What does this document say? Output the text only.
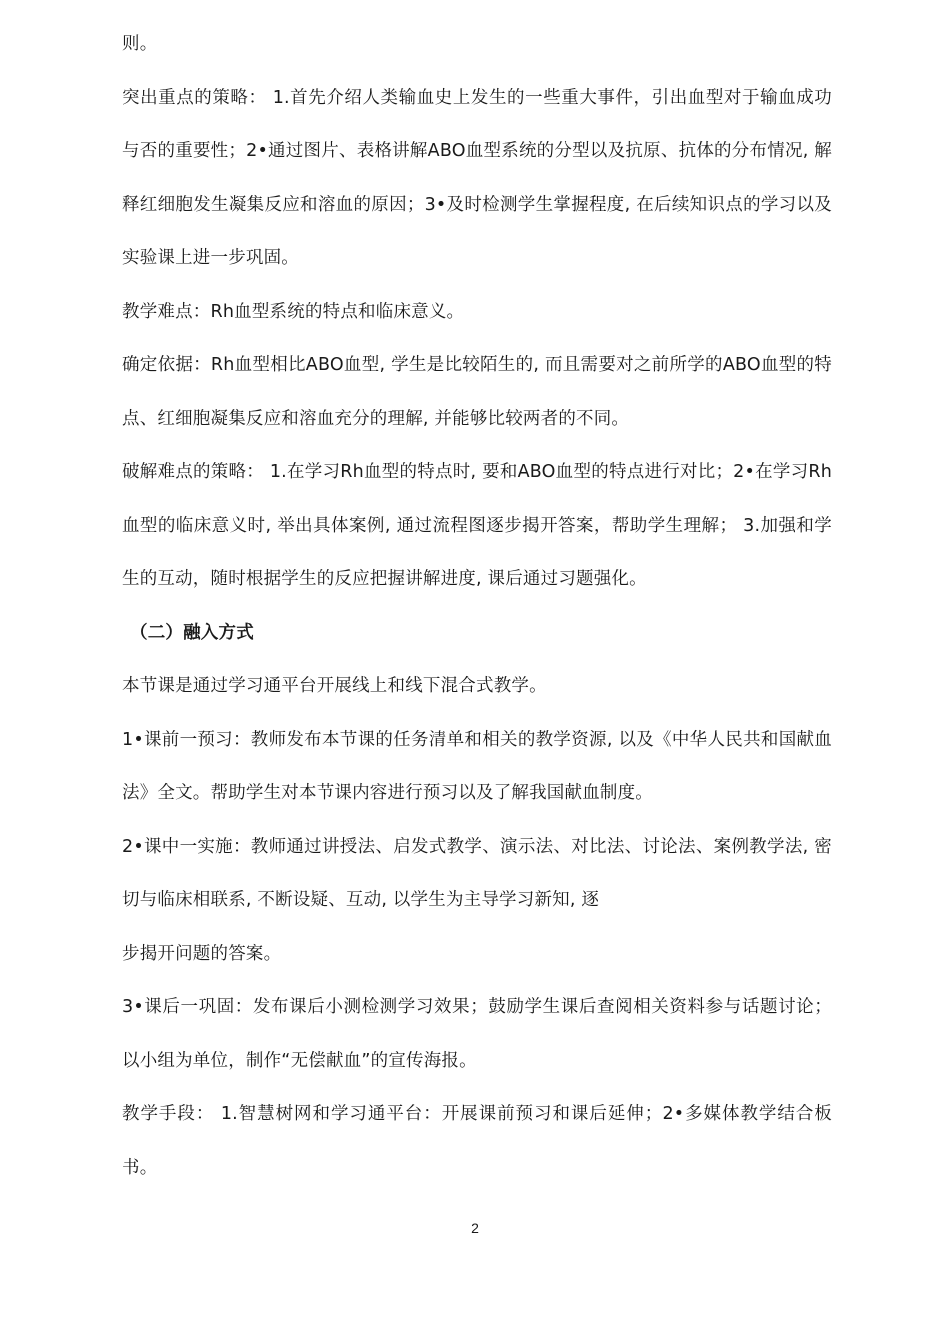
则。

突出重点的策略： 1.首先介绍人类输血史上发生的一些重大事件，引出血型对于输血成功与否的重要性；2•通过图片、表格讲解ABO血型系统的分型以及抗原、抗体的分布情况, 解释红细胞发生凝集反应和溶血的原因；3•及时检测学生掌握程度, 在后续知识点的学习以及实验课上进一步巩固。

教学难点：Rh血型系统的特点和临床意义。

确定依据：Rh血型相比ABO血型, 学生是比较陌生的, 而且需要对之前所学的ABO血型的特点、红细胞凝集反应和溶血充分的理解, 并能够比较两者的不同。

破解难点的策略： 1.在学习Rh血型的特点时, 要和ABO血型的特点进行对比；2•在学习Rh血型的临床意义时, 举出具体案例, 通过流程图逐步揭开答案，帮助学生理解； 3.加强和学生的互动，随时根据学生的反应把握讲解进度, 课后通过习题强化。

（二）融入方式

本节课是通过学习通平台开展线上和线下混合式教学。

1•课前一预习：教师发布本节课的任务清单和相关的教学资源, 以及《中华人民共和国献血法》全文。帮助学生对本节课内容进行预习以及了解我国献血制度。

2•课中一实施：教师通过讲授法、启发式教学、演示法、对比法、讨论法、案例教学法, 密切与临床相联系, 不断设疑、互动, 以学生为主导学习新知, 逐

步揭开问题的答案。

3•课后一巩固：发布课后小测检测学习效果；鼓励学生课后查阅相关资料参与话题讨论；以小组为单位，制作“无偿献血”的宣传海报。

教学手段： 1.智慧树网和学习通平台：开展课前预习和课后延伸；2•多媒体教学结合板书。

2
